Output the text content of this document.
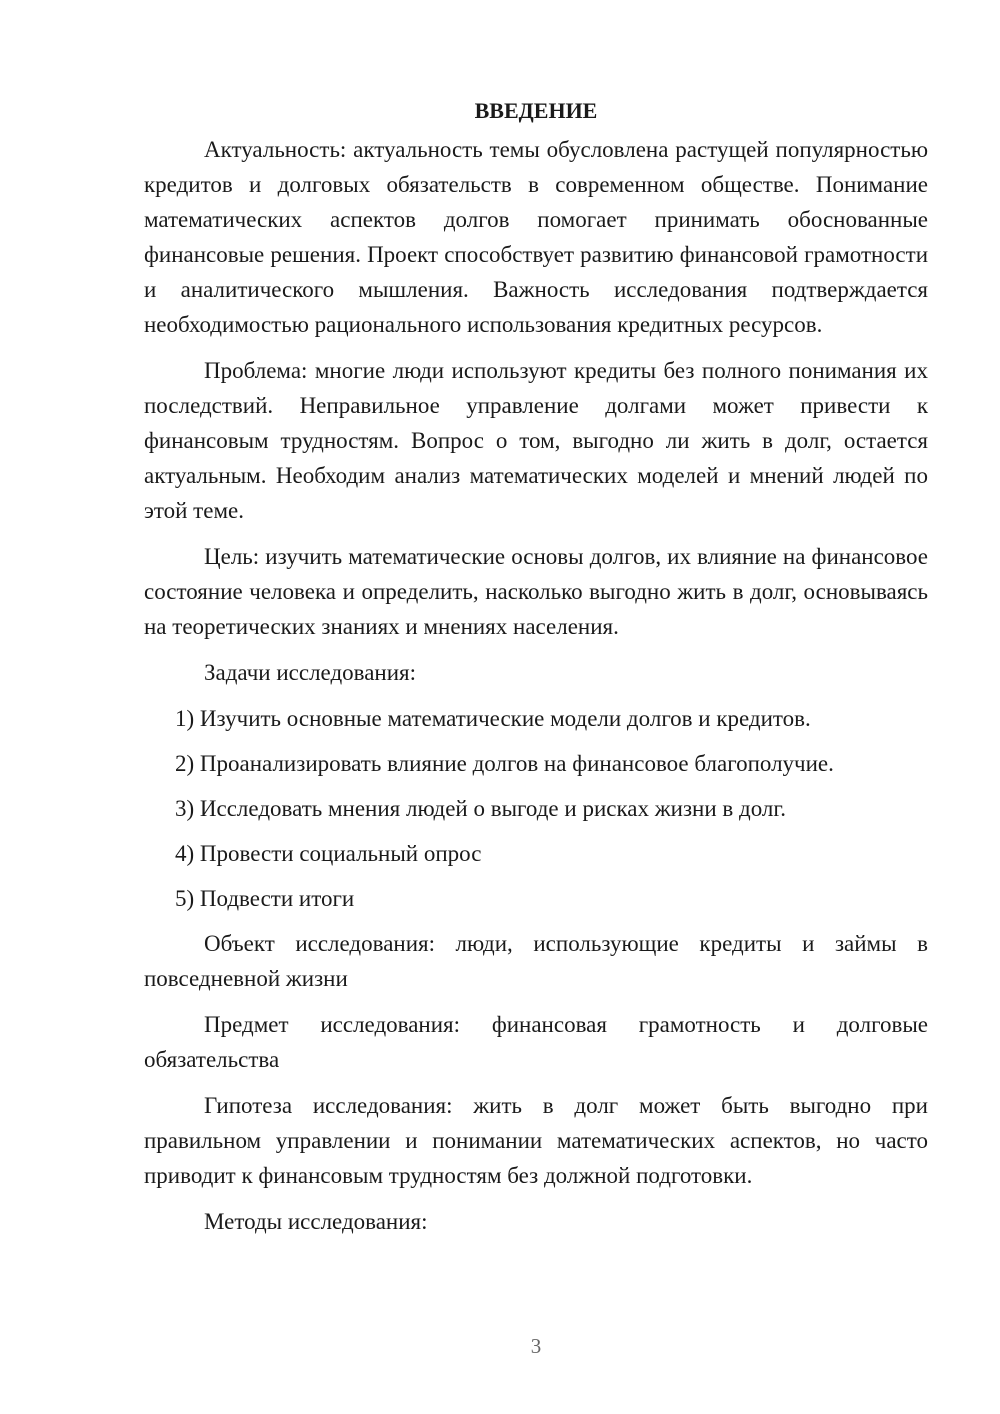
ВВЕДЕНИЕ

Актуальность: актуальность темы обусловлена растущей популярностью кредитов и долговых обязательств в современном обществе. Понимание математических аспектов долгов помогает принимать обоснованные финансовые решения. Проект способствует развитию финансовой грамотности и аналитического мышления. Важность исследования подтверждается необходимостью рационального использования кредитных ресурсов.

Проблема: многие люди используют кредиты без полного понимания их последствий. Неправильное управление долгами может привести к финансовым трудностям. Вопрос о том, выгодно ли жить в долг, остается актуальным. Необходим анализ математических моделей и мнений людей по этой теме.

Цель: изучить математические основы долгов, их влияние на финансовое состояние человека и определить, насколько выгодно жить в долг, основываясь на теоретических знаниях и мнениях населения.

Задачи исследования:

1) Изучить основные математические модели долгов и кредитов.

2) Проанализировать влияние долгов на финансовое благополучие.

3) Исследовать мнения людей о выгоде и рисках жизни в долг.

4) Провести социальный опрос

5) Подвести итоги

Объект исследования: люди, использующие кредиты и займы в повседневной жизни

Предмет исследования: финансовая грамотность и долговые обязательства

Гипотеза исследования: жить в долг может быть выгодно при правильном управлении и понимании математических аспектов, но часто приводит к финансовым трудностям без должной подготовки.

Методы исследования:

3
